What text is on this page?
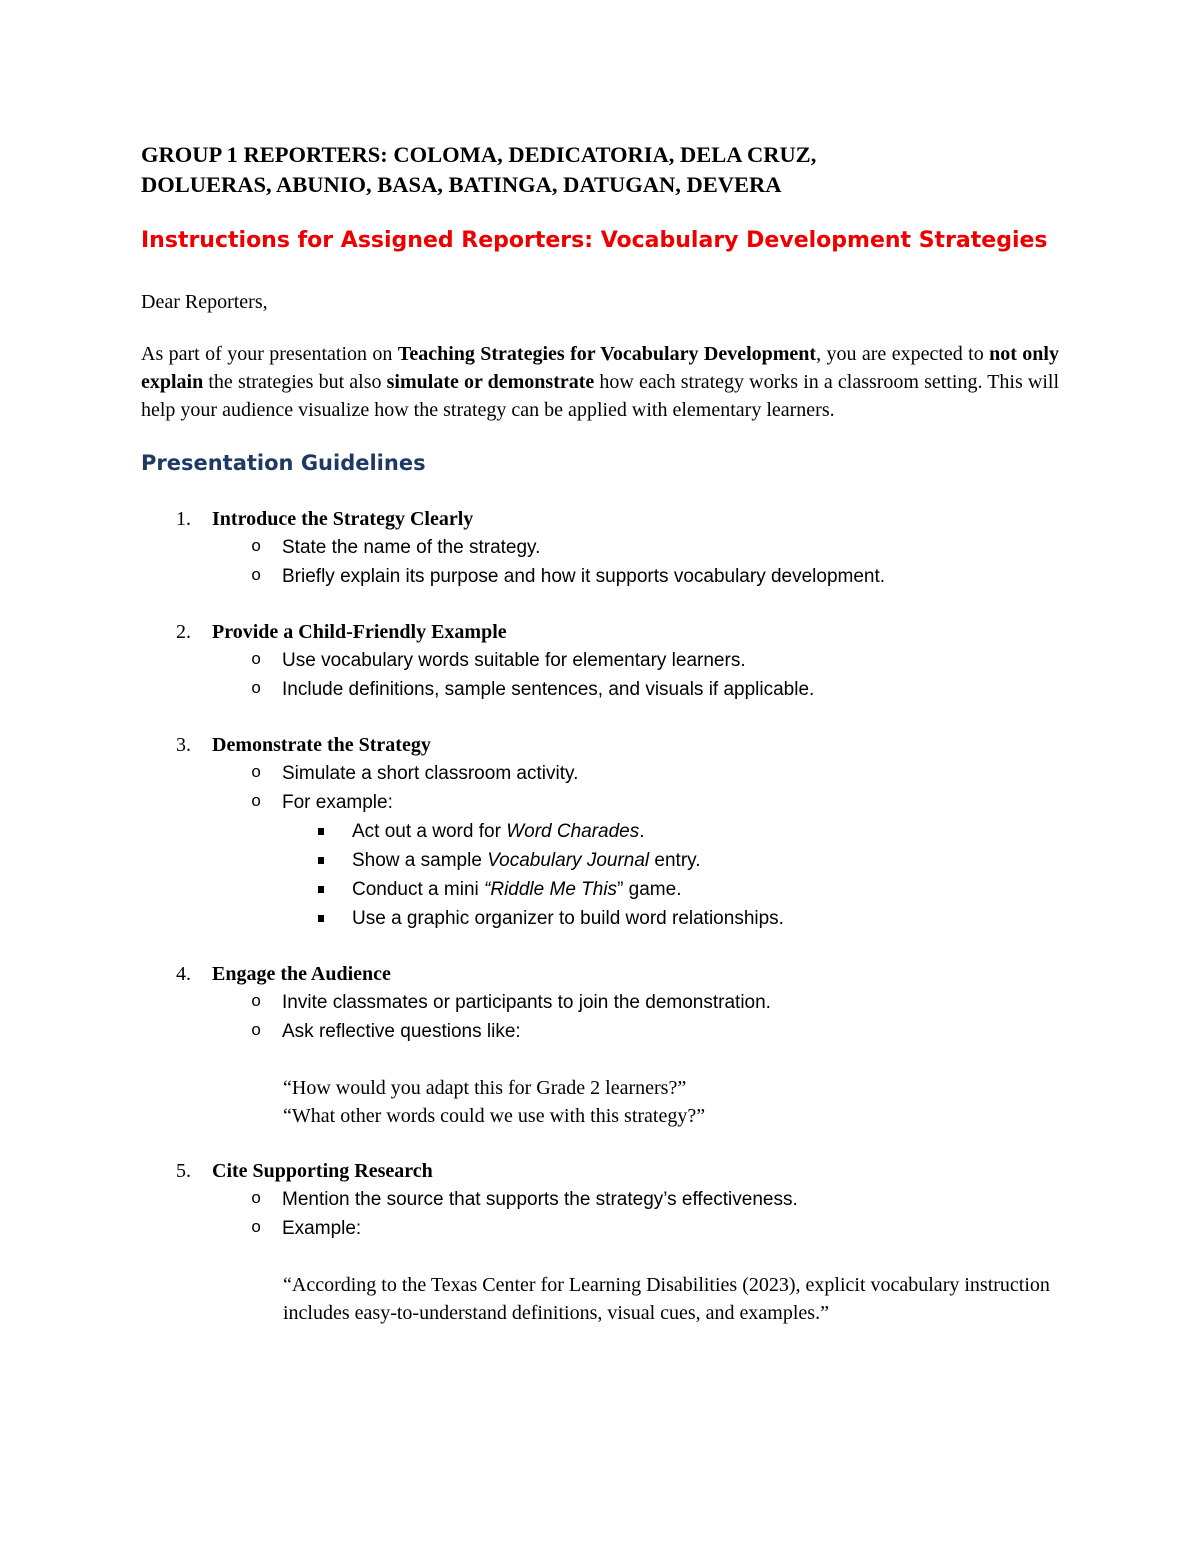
GROUP 1 REPORTERS: COLOMA, DEDICATORIA, DELA CRUZ,

DOLUERAS, ABUNIO, BASA, BATINGA, DATUGAN, DEVERA

Instructions for Assigned Reporters: Vocabulary Development Strategies

Dear Reporters,

As part of your presentation on Teaching Strategies for Vocabulary Development, you are expected to not only explain the strategies but also simulate or demonstrate how each strategy works in a classroom setting. This will help your audience visualize how the strategy can be applied with elementary learners.

Presentation Guidelines

1. Introduce the Strategy Clearly

o State the name of the strategy.
o Briefly explain its purpose and how it supports vocabulary development.
2. Provide a Child-Friendly Example

o Use vocabulary words suitable for elementary learners.
o Include definitions, sample sentences, and visuals if applicable.
3. Demonstrate the Strategy

o Simulate a short classroom activity.
o For example:
Act out a word for Word Charades.
Show a sample Vocabulary Journal entry.
Conduct a mini “Riddle Me This” game.
Use a graphic organizer to build word relationships.
4. Engage the Audience

o Invite classmates or participants to join the demonstration.
o Ask reflective questions like:
“How would you adapt this for Grade 2 learners?”
“What other words could we use with this strategy?”
5. Cite Supporting Research

o Mention the source that supports the strategy’s effectiveness.
o Example:
“According to the Texas Center for Learning Disabilities (2023), explicit vocabulary instruction includes easy-to-understand definitions, visual cues, and examples.”
